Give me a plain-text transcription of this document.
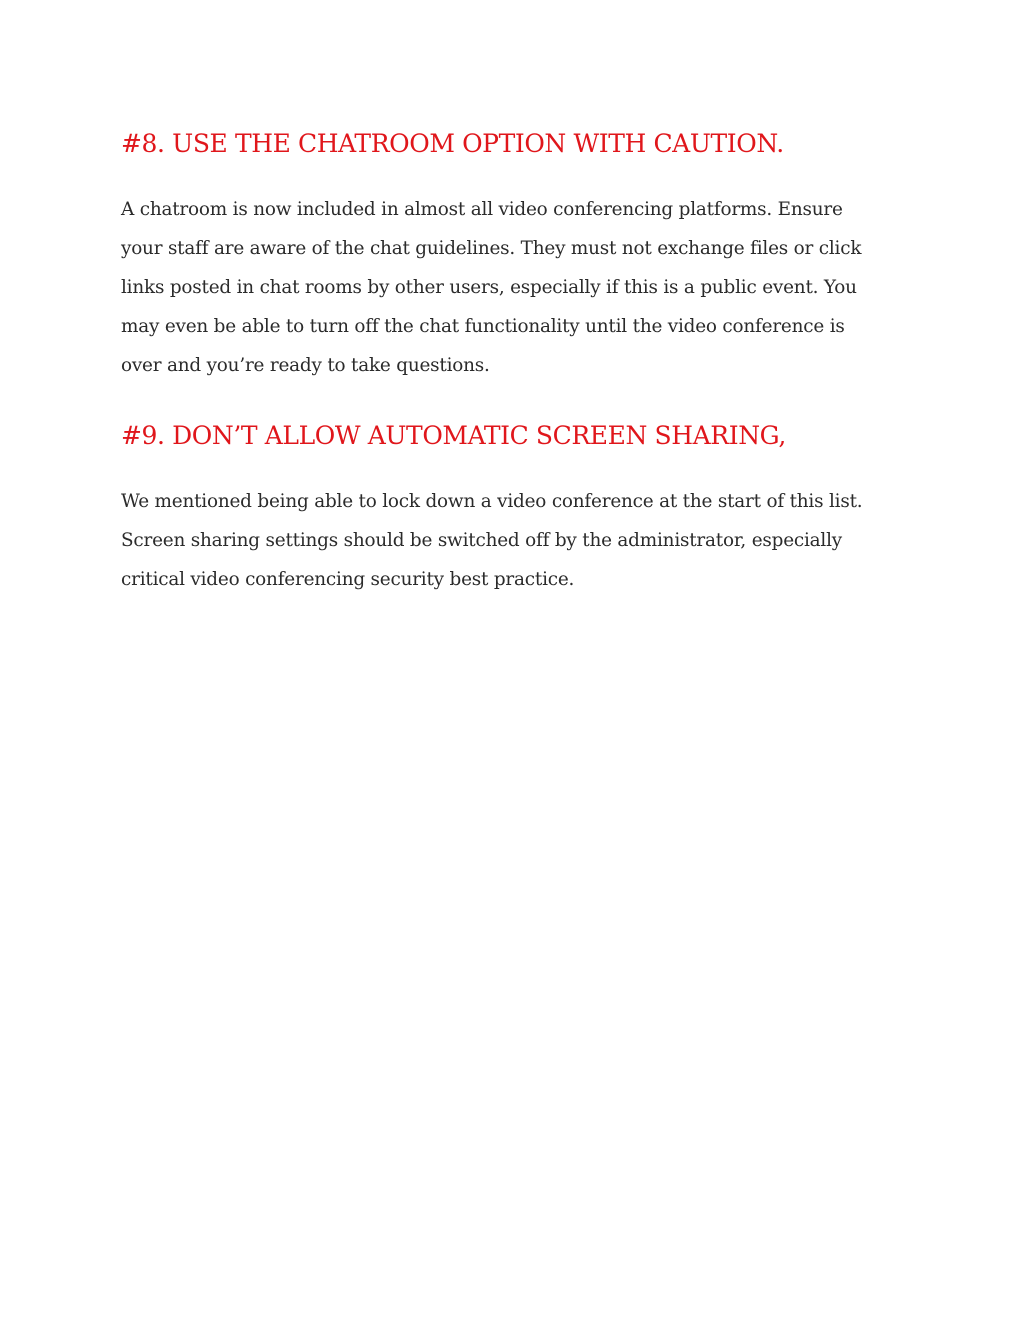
#8. USE THE CHATROOM OPTION WITH CAUTION.

A chatroom is now included in almost all video conferencing platforms. Ensure
your staff are aware of the chat guidelines. They must not exchange files or click
links posted in chat rooms by other users, especially if this is a public event. You
may even be able to turn off the chat functionality until the video conference is
over and you’re ready to take questions.

#9. DON’T ALLOW AUTOMATIC SCREEN SHARING,

We mentioned being able to lock down a video conference at the start of this list.
Screen sharing settings should be switched off by the administrator, especially
critical video conferencing security best practice.
